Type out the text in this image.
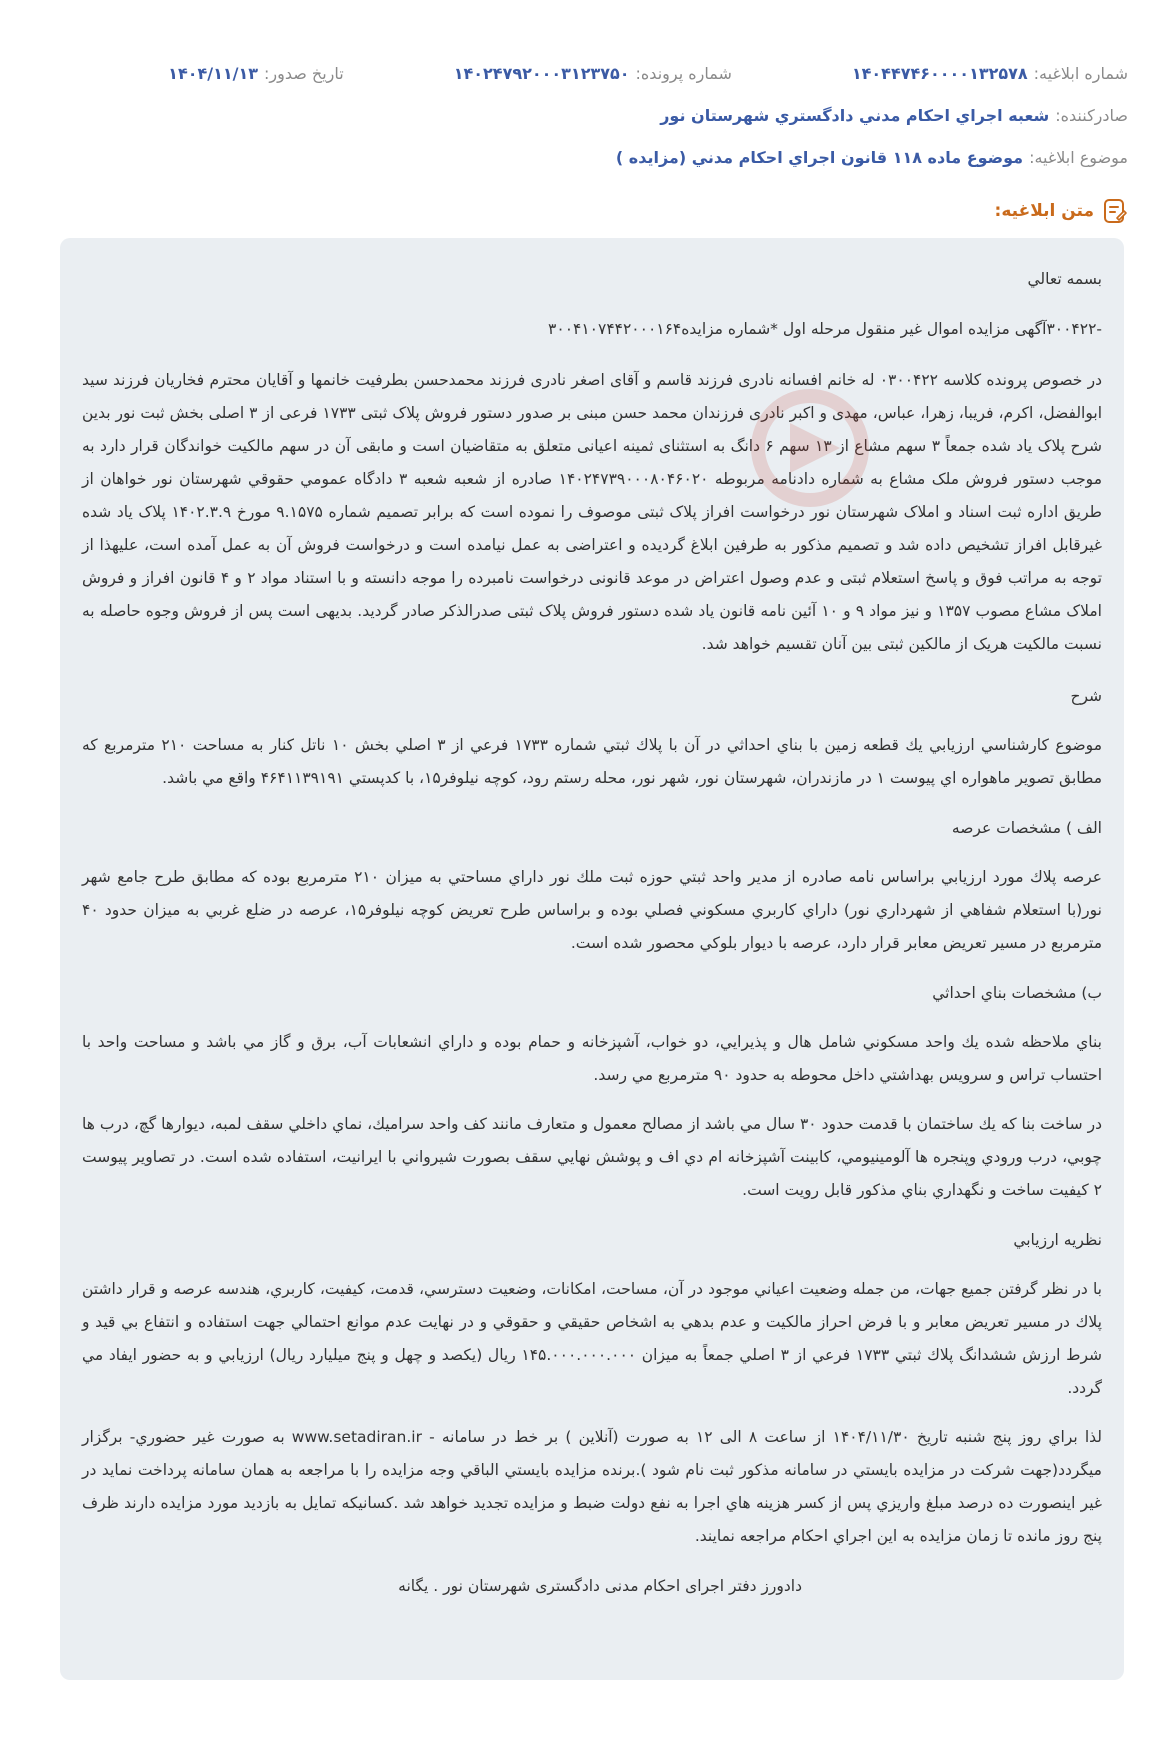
شماره ابلاغیه:
۱۴۰۴۴۷۴۶۰۰۰۰۱۳۲۵۷۸
شماره پرونده:
۱۴۰۲۴۷۹۲۰۰۰۳۱۲۳۷۵۰
تاریخ صدور:
۱۴۰۴/۱۱/۱۳
صادرکننده:
شعبه اجراي احكام مدني دادگستري شهرستان نور
موضوع ابلاغیه:
موضوع ماده ۱۱۸ قانون اجراي احكام مدني (مزايده )
متن ابلاغیه:

بسمه تعالي

-۳۰۰۴۲۲آگهی مزایده اموال غیر منقول مرحله اول *شماره مزایده۳۰۰۴۱۰۷۴۴۲۰۰۰۱۶۴

در خصوص پرونده کلاسه ۰۳۰۰۴۲۲ له خانم افسانه نادری فرزند قاسم و آقای اصغر نادری فرزند محمدحسن بطرفیت خانمها و آقایان محترم فخاریان فرزند سید ابوالفضل، اکرم، فریبا، زهرا، عباس، مهدی و اکبر نادری فرزندان محمد حسن مبنی بر صدور دستور فروش پلاک ثبتی ۱۷۳۳ فرعی از ۳ اصلی بخش ثبت نور بدین شرح پلاک یاد شده جمعاً ۳ سهم مشاع از ۱۳ سهم ۶ دانگ به استثنای ثمینه اعیانی متعلق به متقاضیان است و مابقی آن در سهم مالکیت خواندگان قرار دارد به موجب دستور فروش ملک مشاع به شماره دادنامه مربوطه ۱۴۰۲۴۷۳۹۰۰۰۸۰۴۶۰۲۰ صادره از شعبه شعبه ۳ دادگاه عمومي حقوقي شهرستان نور خواهان از طریق اداره ثبت اسناد و املاک شهرستان نور درخواست افراز پلاک ثبتی موصوف را نموده است که برابر تصمیم شماره ۹.۱۵۷۵ مورخ ۱۴۰۲.۳.۹ پلاک یاد شده غیرقابل افراز تشخیص داده شد و تصمیم مذکور به طرفین ابلاغ گردیده و اعتراضی به عمل نیامده است و درخواست فروش آن به عمل آمده است، علیهذا از توجه به مراتب فوق و پاسخ استعلام ثبتی و عدم وصول اعتراض در موعد قانونی درخواست نامبرده را موجه دانسته و با استناد مواد ۲ و ۴ قانون افراز و فروش املاک مشاع مصوب ۱۳۵۷ و نیز مواد ۹ و ۱۰ آئین نامه قانون یاد شده دستور فروش پلاک ثبتی صدرالذکر صادر گردید. بدیهی است پس از فروش وجوه حاصله به نسبت مالکیت هریک از مالکین ثبتی بین آنان تقسیم خواهد شد.

شرح

موضوع كارشناسي ارزيابي يك قطعه زمين با بناي احداثي در آن با پلاك ثبتي شماره ۱۷۳۳ فرعي از ۳ اصلي بخش ۱۰ ناتل كنار به مساحت ۲۱۰ مترمربع كه مطابق تصوير ماهواره اي پيوست ۱ در مازندران، شهرستان نور، شهر نور، محله رستم رود، كوچه نيلوفر۱۵، با كدپستي ۴۶۴۱۱۳۹۱۹۱ واقع مي باشد.

الف ) مشخصات عرصه

عرصه پلاك مورد ارزيابي براساس نامه صادره از مدير واحد ثبتي حوزه ثبت ملك نور داراي مساحتي به ميزان ۲۱۰ مترمربع بوده كه مطابق طرح جامع شهر نور(با استعلام شفاهي از شهرداري نور) داراي كاربري مسكوني فصلي بوده و براساس طرح تعريض كوچه نيلوفر۱۵، عرصه در ضلع غربي به ميزان حدود ۴۰ مترمربع در مسير تعريض معابر قرار دارد، عرصه با ديوار بلوكي محصور شده است.

ب) مشخصات بناي احداثي

بناي ملاحظه شده يك واحد مسكوني شامل هال و پذيرايي، دو خواب، آشپزخانه و حمام بوده و داراي انشعابات آب، برق و گاز مي باشد و مساحت واحد با احتساب تراس و سرويس بهداشتي داخل محوطه به حدود ۹۰ مترمربع مي رسد.

در ساخت بنا كه يك ساختمان با قدمت حدود ۳۰ سال مي باشد از مصالح معمول و متعارف مانند كف واحد سراميك، نماي داخلي سقف لمبه، ديوارها گچ، درب ها چوبي، درب ورودي وپنجره ها آلومينيومي، كابينت آشپزخانه ام دي اف و پوشش نهايي سقف بصورت شيرواني با ايرانيت، استفاده شده است. در تصاوير پيوست ۲ كيفيت ساخت و نگهداري بناي مذكور قابل رويت است.

نظريه ارزيابي

با در نظر گرفتن جميع جهات، من جمله وضعيت اعياني موجود در آن، مساحت، امكانات، وضعيت دسترسي، قدمت، كيفيت، كاربري، هندسه عرصه و قرار داشتن پلاك در مسير تعريض معابر و با فرض احراز مالكيت و عدم بدهي به اشخاص حقيقي و حقوقي و در نهايت عدم موانع احتمالي جهت استفاده و انتفاع بي قيد و شرط ارزش ششدانگ پلاك ثبتي ۱۷۳۳ فرعي از ۳ اصلي جمعاً به ميزان ۱۴۵.۰۰۰.۰۰۰.۰۰۰ ريال (يكصد و چهل و پنج ميليارد ريال) ارزيابي و به حضور ايفاد مي گردد.

لذا براي روز پنج شنبه تاريخ ۱۴۰۴/۱۱/۳۰ از ساعت ۸ الی ۱۲ به صورت (آنلاين ) بر خط در سامانه - www.setadiran.ir به صورت غير حضوري- برگزار ميگردد(جهت شركت در مزايده بايستي در سامانه مذكور ثبت نام شود ).برنده مزايده بايستي الباقي وجه مزايده را با مراجعه به همان سامانه پرداخت نمايد در غير اينصورت ده درصد مبلغ واريزي پس از كسر هزينه هاي اجرا به نفع دولت ضبط و مزايده تجديد خواهد شد .كسانيكه تمايل به بازديد مورد مزايده دارند ظرف پنج روز مانده تا زمان مزايده به اين اجراي احكام مراجعه نمايند.

دادورز دفتر اجرای احکام مدنی دادگستری شهرستان نور . یگانه
